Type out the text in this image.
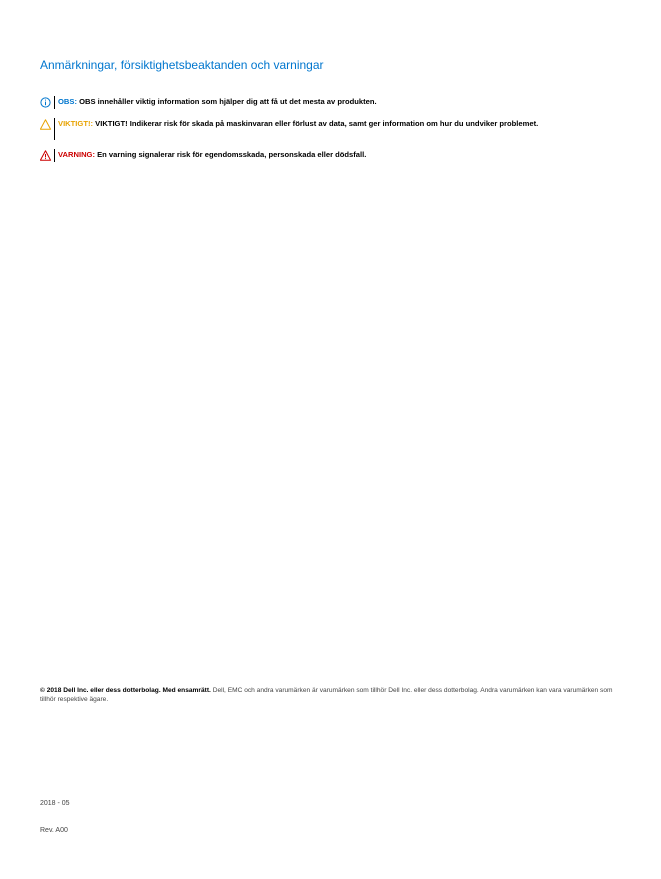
Anmärkningar, försiktighetsbeaktanden och varningar
OBS: OBS innehåller viktig information som hjälper dig att få ut det mesta av produkten.
VIKTIGT!: VIKTIGT! Indikerar risk för skada på maskinvaran eller förlust av data, samt ger information om hur du undviker problemet.
VARNING: En varning signalerar risk för egendomsskada, personskada eller dödsfall.
© 2018 Dell Inc. eller dess dotterbolag. Med ensamrätt. Dell, EMC och andra varumärken är varumärken som tillhör Dell Inc. eller dess dotterbolag. Andra varumärken kan vara varumärken som tillhör respektive ägare.
2018 - 05
Rev. A00
